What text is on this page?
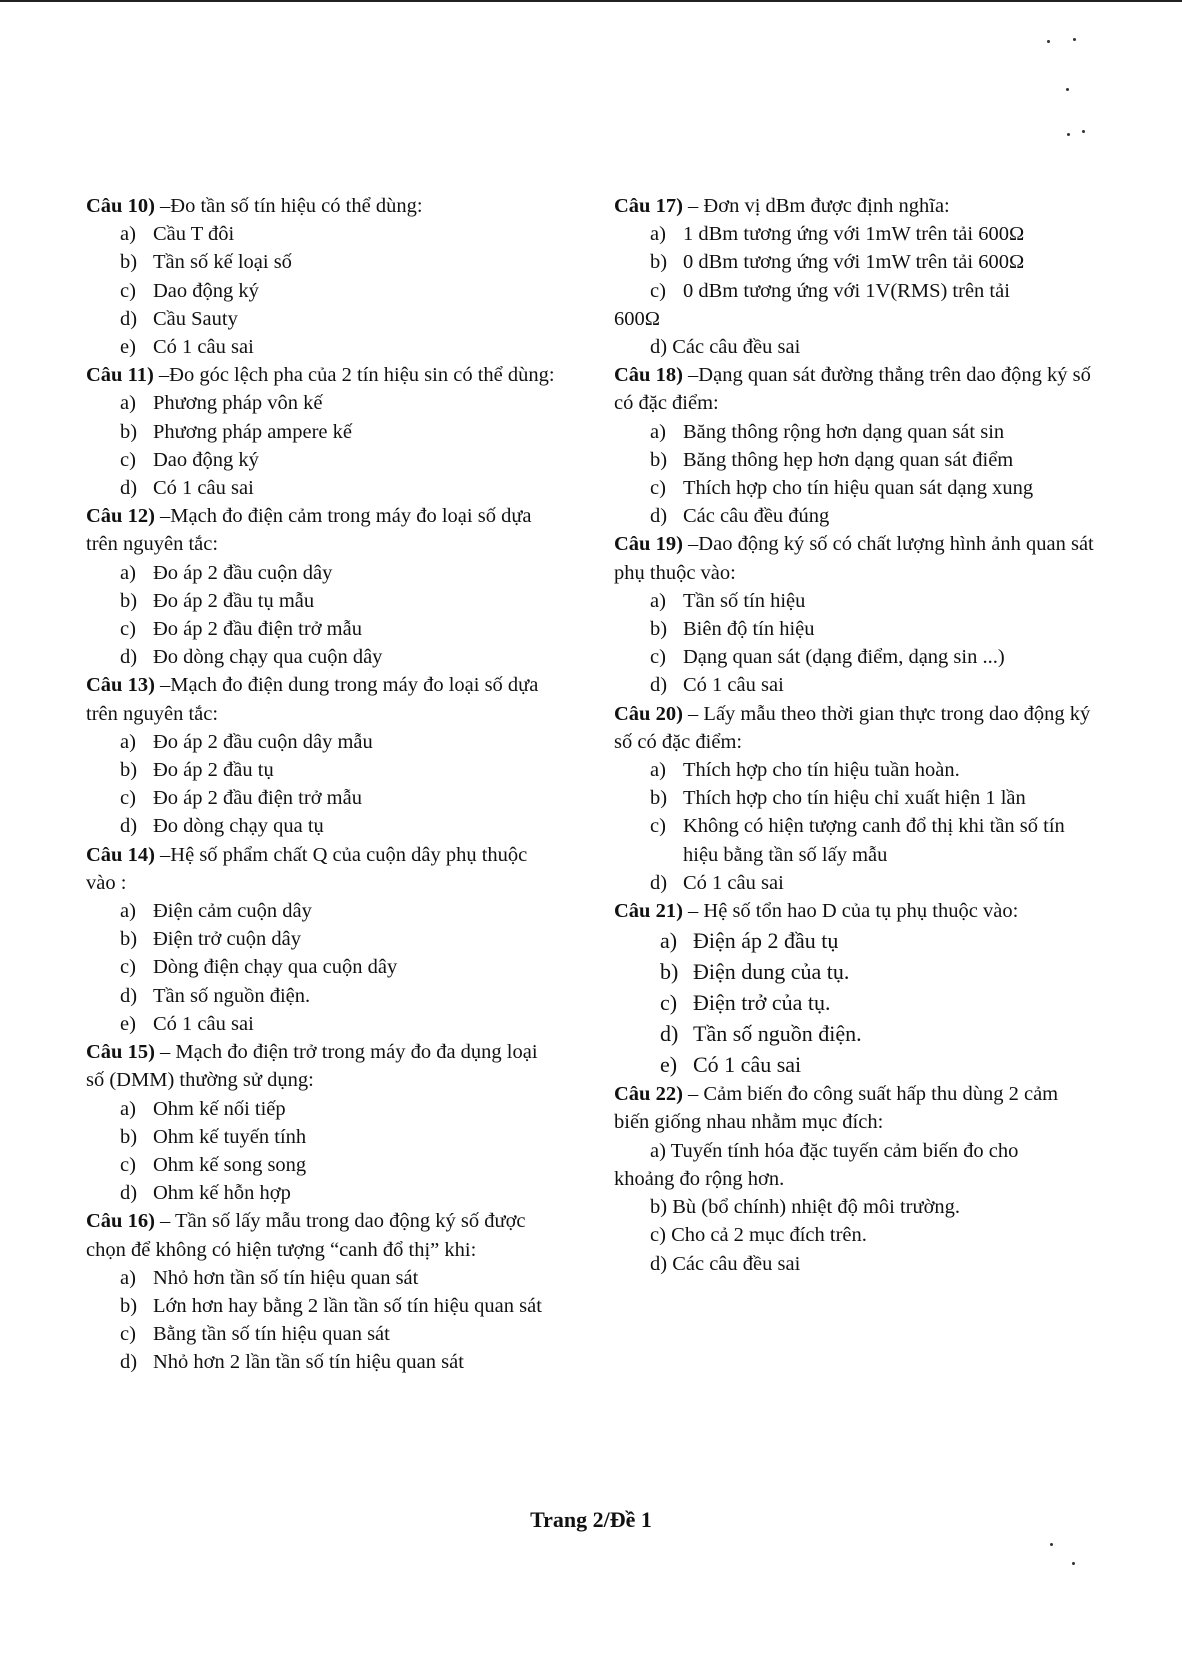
Câu 10) –Đo tần số tín hiệu có thể dùng:

a) Cầu T đôi
b) Tần số kế loại số
c) Dao động ký
d) Cầu Sauty
e) Có 1 câu sai

Câu 11) –Đo góc lệch pha của 2 tín hiệu sin có thể dùng:

a) Phương pháp vôn kế
b) Phương pháp ampere kế
c) Dao động ký
d) Có 1 câu sai

Câu 12) –Mạch đo điện cảm trong máy đo loại số dựa trên nguyên tắc:

a) Đo áp 2 đầu cuộn dây
b) Đo áp 2 đầu tụ mẫu
c) Đo áp 2 đầu điện trở mẫu
d) Đo dòng chạy qua cuộn dây

Câu 13) –Mạch đo điện dung trong máy đo loại số dựa trên nguyên tắc:

a) Đo áp 2 đầu cuộn dây mẫu
b) Đo áp 2 đầu tụ
c) Đo áp 2 đầu điện trở mẫu
d) Đo dòng chạy qua tụ

Câu 14) –Hệ số phẩm chất Q của cuộn dây phụ thuộc vào :

a) Điện cảm cuộn dây
b) Điện trở cuộn dây
c) Dòng điện chạy qua cuộn dây
d) Tần số nguồn điện.
e) Có 1 câu sai

Câu 15) – Mạch đo điện trở trong máy đo đa dụng loại số (DMM) thường sử dụng:

a) Ohm kế nối tiếp
b) Ohm kế tuyến tính
c) Ohm kế song song
d) Ohm kế hỗn hợp

Câu 16) – Tần số lấy mẫu trong dao động ký số được chọn để không có hiện tượng “canh đổ thị” khi:

a) Nhỏ hơn tần số tín hiệu quan sát
b) Lớn hơn hay bằng 2 lần tần số tín hiệu quan sát
c) Bằng tần số tín hiệu quan sát
d) Nhỏ hơn 2 lần tần số tín hiệu quan sát

Câu 17) – Đơn vị dBm được định nghĩa:

a) 1 dBm tương ứng với 1mW trên tải 600Ω
b) 0 dBm tương ứng với 1mW trên tải 600Ω
c) 0 dBm tương ứng với 1V(RMS) trên tải
600Ω
d) Các câu đều sai

Câu 18) –Dạng quan sát đường thẳng trên dao động ký số có đặc điểm:

a) Băng thông rộng hơn dạng quan sát sin
b) Băng thông hẹp hơn dạng quan sát điểm
c) Thích hợp cho tín hiệu quan sát dạng xung
d) Các câu đều đúng

Câu 19) –Dao động ký số có chất lượng hình ảnh quan sát phụ thuộc vào:

a) Tần số tín hiệu
b) Biên độ tín hiệu
c) Dạng quan sát (dạng điểm, dạng sin ...)
d) Có 1 câu sai

Câu 20) – Lấy mẫu theo thời gian thực trong dao động ký số có đặc điểm:

a) Thích hợp cho tín hiệu tuần hoàn.
b) Thích hợp cho tín hiệu chỉ xuất hiện 1 lần
c) Không có hiện tượng canh đổ thị khi tần số tín hiệu bằng tần số lấy mẫu
d) Có 1 câu sai

Câu 21) – Hệ số tổn hao D của tụ phụ thuộc vào:

a) Điện áp 2 đầu tụ
b) Điện dung của tụ.
c) Điện trở của tụ.
d) Tần số nguồn điện.
e) Có 1 câu sai

Câu 22) – Cảm biến đo công suất hấp thu dùng 2 cảm biến giống nhau nhằm mục đích:

a) Tuyến tính hóa đặc tuyến cảm biến đo cho
khoảng đo rộng hơn.
b) Bù (bổ chính) nhiệt độ môi trường.
c) Cho cả 2 mục đích trên.
d) Các câu đều sai
Trang 2/Đề 1
